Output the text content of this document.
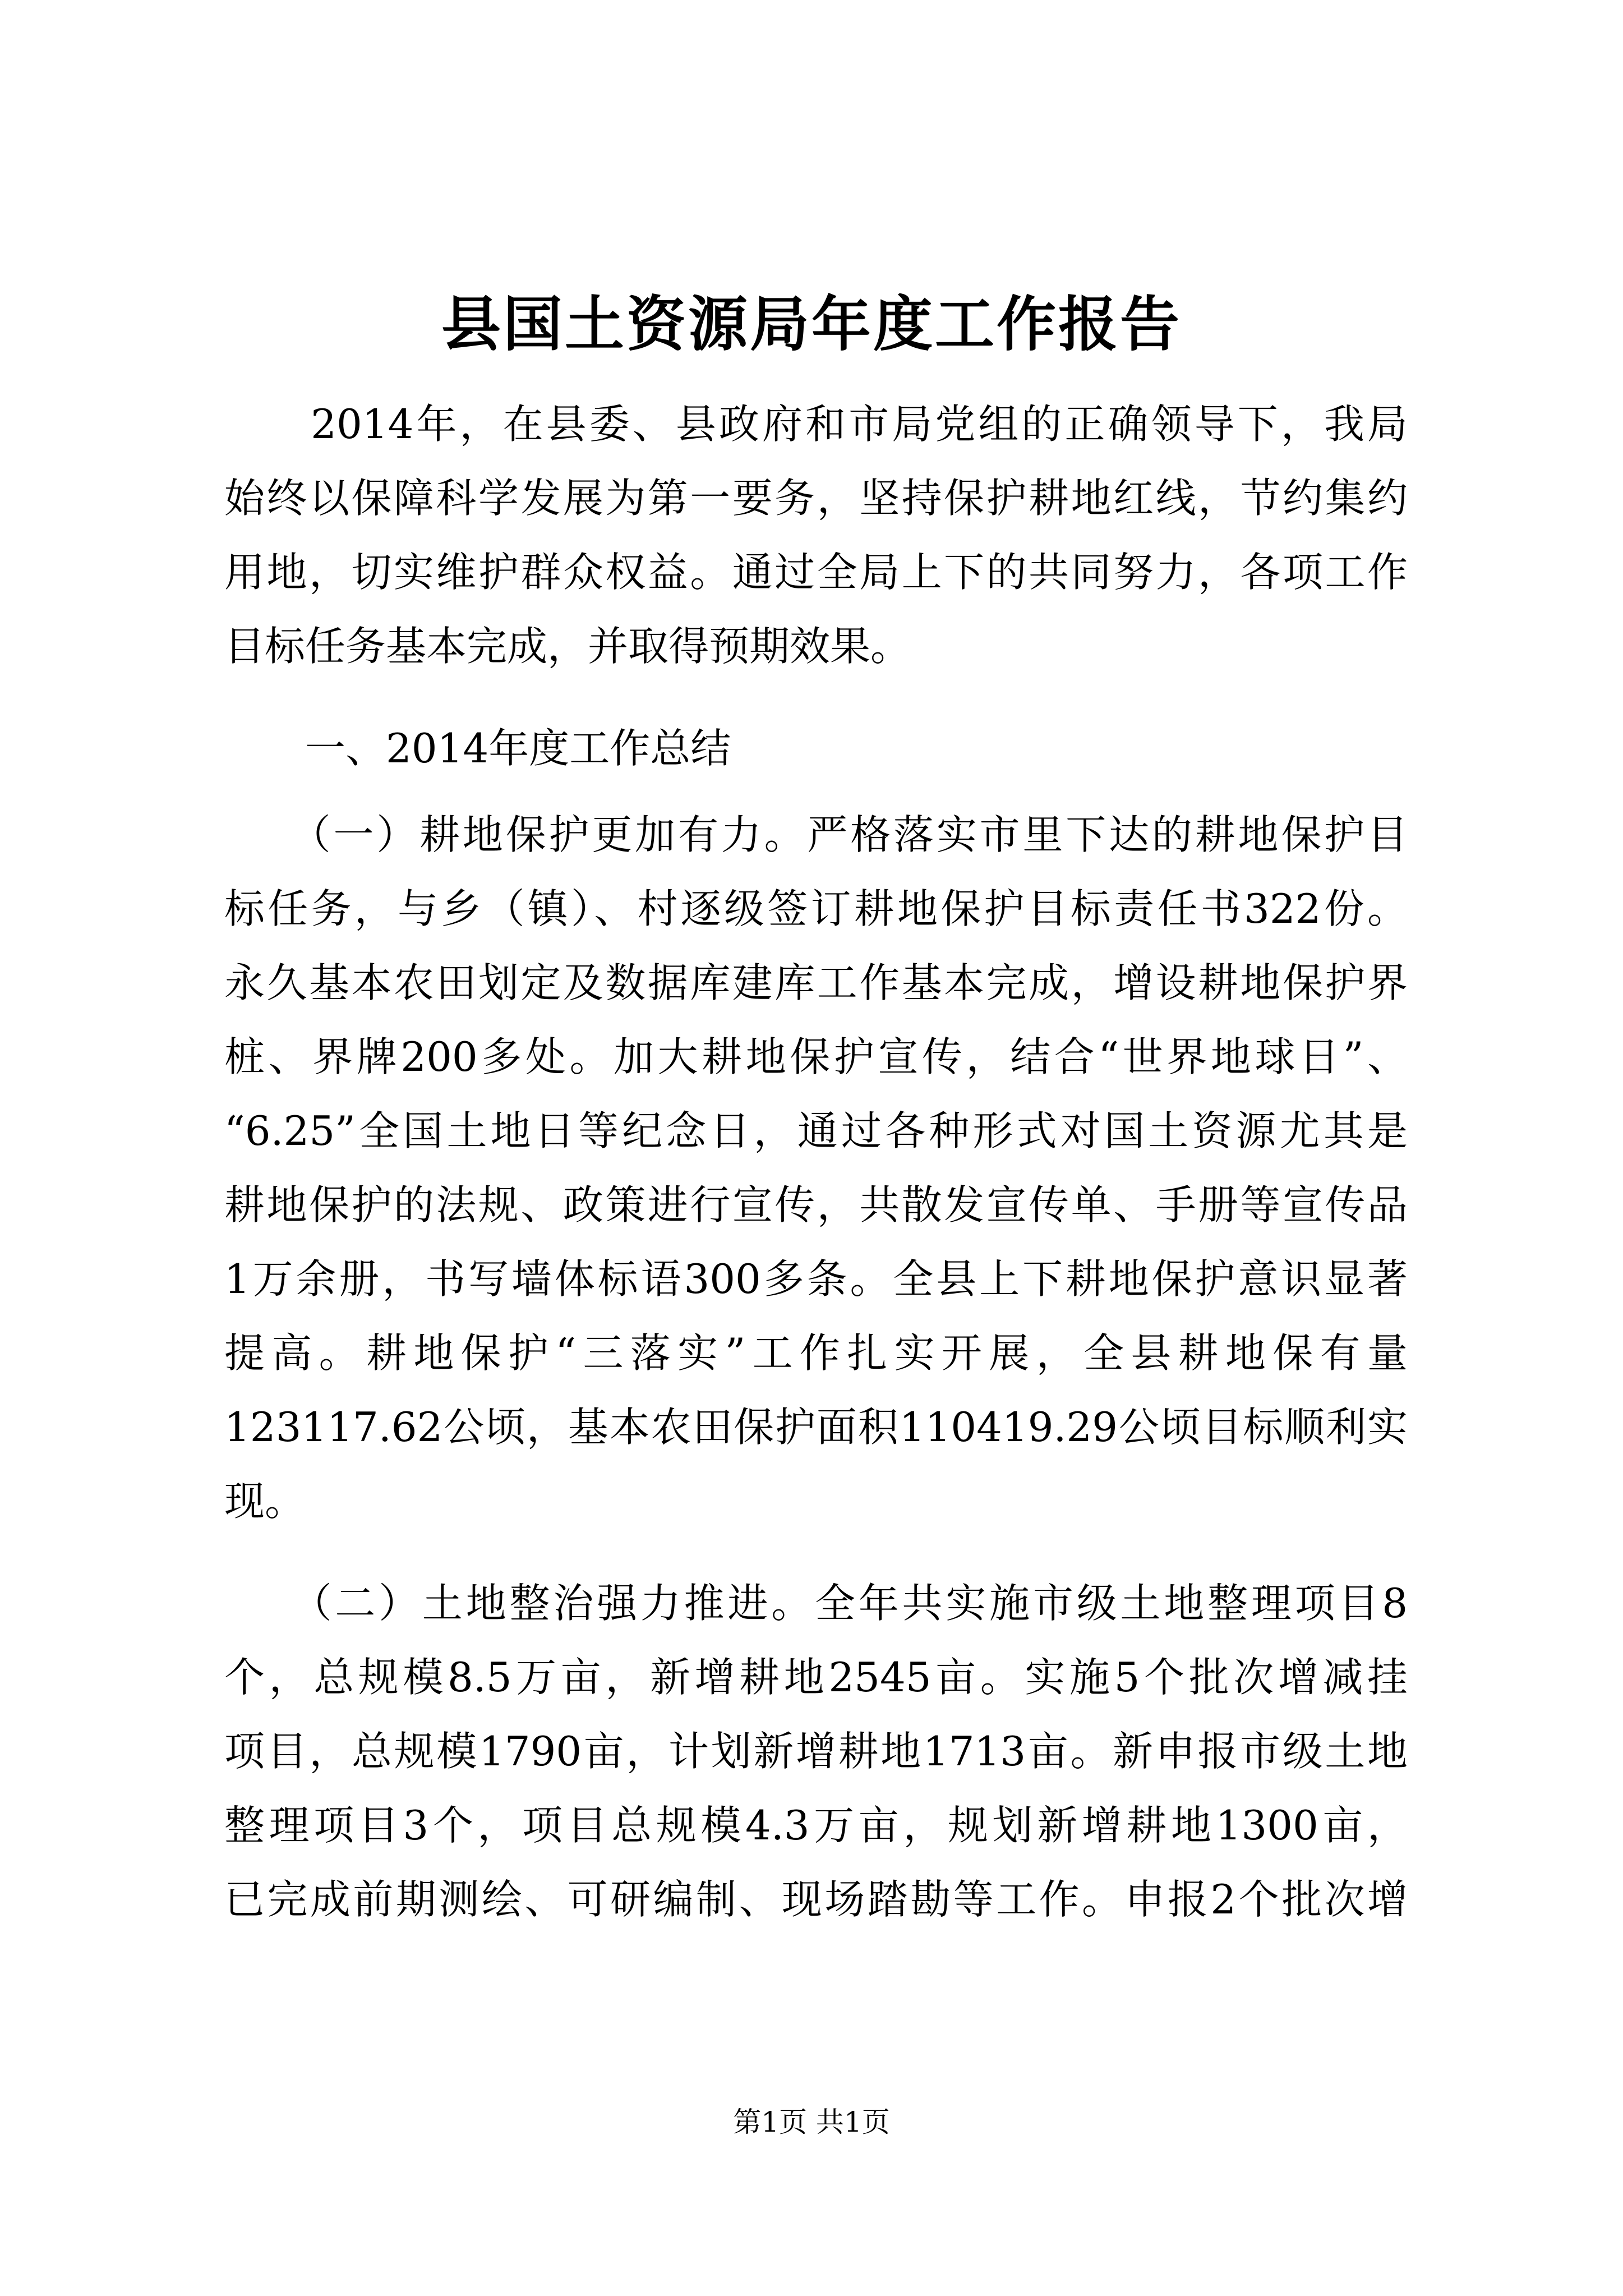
县国土资源局年度工作报告
　　2014年，在县委、县政府和市局党组的正确领导下，我局
始终以保障科学发展为第一要务，坚持保护耕地红线，节约集约
用地，切实维护群众权益。通过全局上下的共同努力，各项工作
目标任务基本完成，并取得预期效果。
　　一、2014年度工作总结
　　（一）耕地保护更加有力。严格落实市里下达的耕地保护目
标任务，与乡（镇）、村逐级签订耕地保护目标责任书322份。
永久基本农田划定及数据库建库工作基本完成，增设耕地保护界
桩、界牌200多处。加大耕地保护宣传，结合“世界地球日”、
“6.25”全国土地日等纪念日，通过各种形式对国土资源尤其是
耕地保护的法规、政策进行宣传，共散发宣传单、手册等宣传品
1万余册，书写墙体标语300多条。全县上下耕地保护意识显著
提高。耕地保护“三落实”工作扎实开展，全县耕地保有量
123117.62公顷，基本农田保护面积110419.29公顷目标顺利实
现。
　　（二）土地整治强力推进。全年共实施市级土地整理项目8
个，总规模8.5万亩，新增耕地2545亩。实施5个批次增减挂
项目，总规模1790亩，计划新增耕地1713亩。新申报市级土地
整理项目3个，项目总规模4.3万亩，规划新增耕地1300亩，
已完成前期测绘、可研编制、现场踏勘等工作。申报2个批次增
第1页 共1页
